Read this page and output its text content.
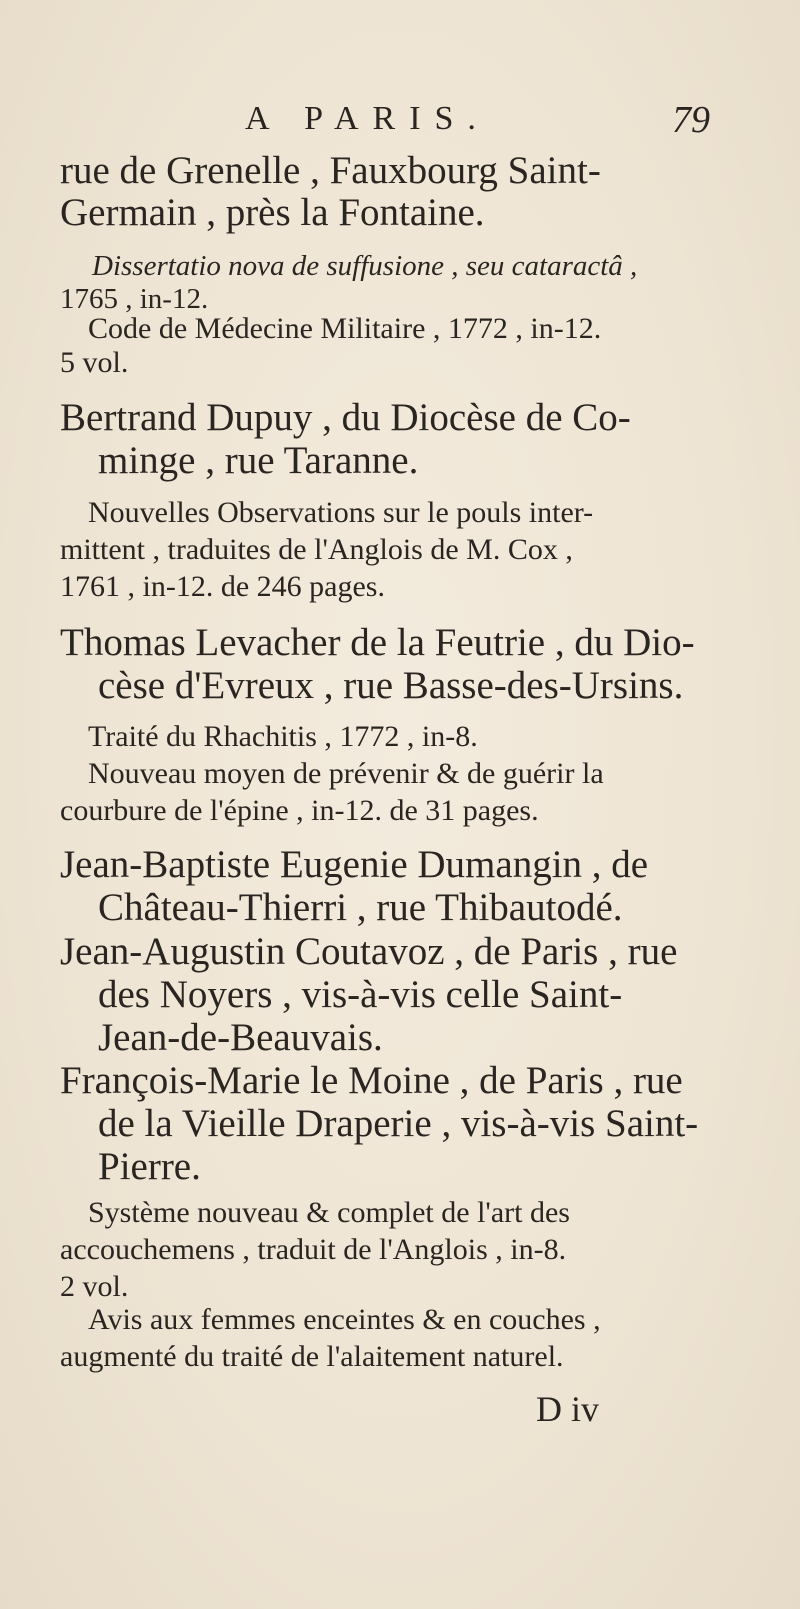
A PARIS.	79
rue de Grenelle , Fauxbourg Saint-
Germain , près la Fontaine.
Dissertatio nova de suffusione , seu cataractâ ,
1765 , in-12.
Code de Médecine Militaire , 1772 , in-12.
5 vol.
Bertrand Dupuy , du Diocèse de Co-
minge , rue Taranne.
Nouvelles Observations sur le pouls inter-
mittent , traduites de l'Anglois de M. Cox ,
1761 , in-12. de 246 pages.
Thomas Levacher de la Feutrie , du Dio-
cèse d'Evreux , rue Basse-des-Ursins.
Traité du Rhachitis , 1772 , in-8.
Nouveau moyen de prévenir & de guérir la
courbure de l'épine , in-12. de 31 pages.
Jean-Baptiste Eugenie Dumangin , de
Château-Thierri , rue Thibautodé.
Jean-Augustin Coutavoz , de Paris , rue
des Noyers , vis-à-vis celle Saint-
Jean-de-Beauvais.
François-Marie le Moine , de Paris , rue
de la Vieille Draperie , vis-à-vis Saint-
Pierre.
Système nouveau & complet de l'art des
accouchemens , traduit de l'Anglois , in-8.
2 vol.
Avis aux femmes enceintes & en couches ,
augmenté du traité de l'alaitement naturel.
D iv
